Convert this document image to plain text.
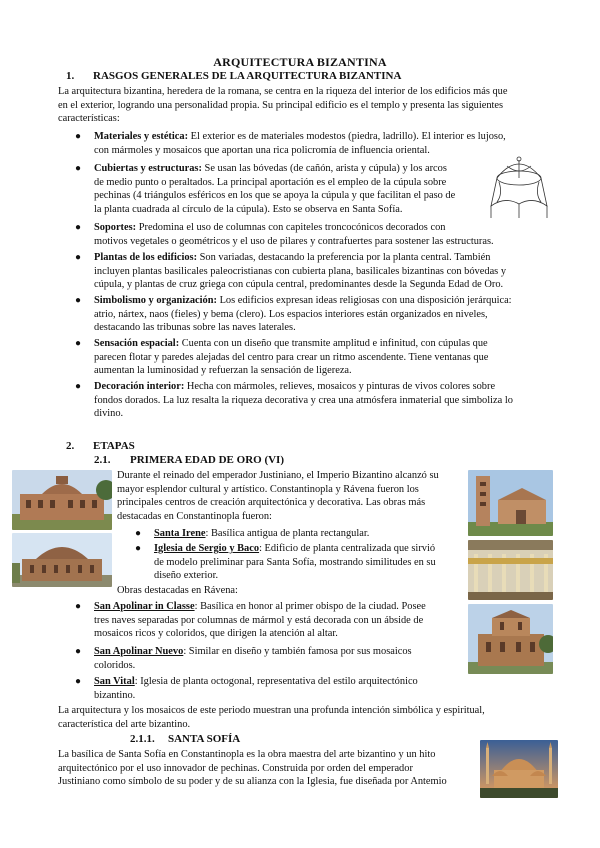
ARQUITECTURA BIZANTINA
1. RASGOS GENERALES DE LA ARQUITECTURA BIZANTINA
La arquitectura bizantina, heredera de la romana, se centra en la riqueza del interior de los edificios más que
en el exterior, logrando una personalidad propia. Su principal edificio es el templo y presenta las siguientes
características:
● Materiales y estética: El exterior es de materiales modestos (piedra, ladrillo). El interior es lujoso,
con mármoles y mosaicos que aportan una rica policromía de influencia oriental.
● Cubiertas y estructuras: Se usan las bóvedas (de cañón, arista y cúpula) y los arcos
de medio punto o peraltados. La principal aportación es el empleo de la cúpula sobre
pechinas (4 triángulos esféricos en los que se apoya la cúpula y que facilitan el paso de
la planta cuadrada al círculo de la cúpula). Esto se observa en Santa Sofía.
● Soportes: Predomina el uso de columnas con capiteles troncocónicos decorados con
motivos vegetales o geométricos y el uso de pilares y contrafuertes para sostener las estructuras.
● Plantas de los edificios: Son variadas, destacando la preferencia por la planta central. También
incluyen plantas basilicales paleocristianas con cubierta plana, basilicales bizantinas con bóvedas y
cúpula, y plantas de cruz griega con cúpula central, predominantes desde la Segunda Edad de Oro.
● Simbolismo y organización: Los edificios expresan ideas religiosas con una disposición jerárquica:
atrio, nártex, naos (fieles) y bema (clero). Los espacios interiores están organizados en niveles,
destacando las tribunas sobre las naves laterales.
● Sensación espacial: Cuenta con un diseño que transmite amplitud e infinitud, con cúpulas que
parecen flotar y paredes alejadas del centro para crear un ritmo ascendente. Tiene ventanas que
aumentan la luminosidad y refuerzan la sensación de ligereza.
● Decoración interior: Hecha con mármoles, relieves, mosaicos y pinturas de vivos colores sobre
fondos dorados. La luz resalta la riqueza decorativa y crea una atmósfera inmaterial que simboliza lo
divino.
2. ETAPAS
2.1. PRIMERA EDAD DE ORO (VI)
Durante el reinado del emperador Justiniano, el Imperio Bizantino alcanzó su
mayor esplendor cultural y artístico. Constantinopla y Rávena fueron los
principales centros de creación arquitectónica y decorativa. Las obras más
destacadas en Constantinopla fueron:
● Santa Irene: Basílica antigua de planta rectangular.
● Iglesia de Sergio y Baco: Edificio de planta centralizada que sirvió
de modelo preliminar para Santa Sofía, mostrando similitudes en su
diseño exterior.
Obras destacadas en Rávena:
● San Apolinar in Classe: Basílica en honor al primer obispo de la ciudad. Posee
tres naves separadas por columnas de mármol y está decorada con un ábside de
mosaicos ricos y coloridos, que dirigen la atención al altar.
● San Apolinar Nuevo: Similar en diseño y también famosa por sus mosaicos
coloridos.
● San Vital: Iglesia de planta octogonal, representativa del estilo arquitectónico
bizantino.
La arquitectura y los mosaicos de este periodo muestran una profunda intención simbólica y espiritual,
característica del arte bizantino.
2.1.1. SANTA SOFÍA
La basílica de Santa Sofía en Constantinopla es la obra maestra del arte bizantino y un hito
arquitectónico por el uso innovador de pechinas. Construida por orden del emperador
Justiniano como símbolo de su poder y de su alianza con la Iglesia, fue diseñada por Antemio
